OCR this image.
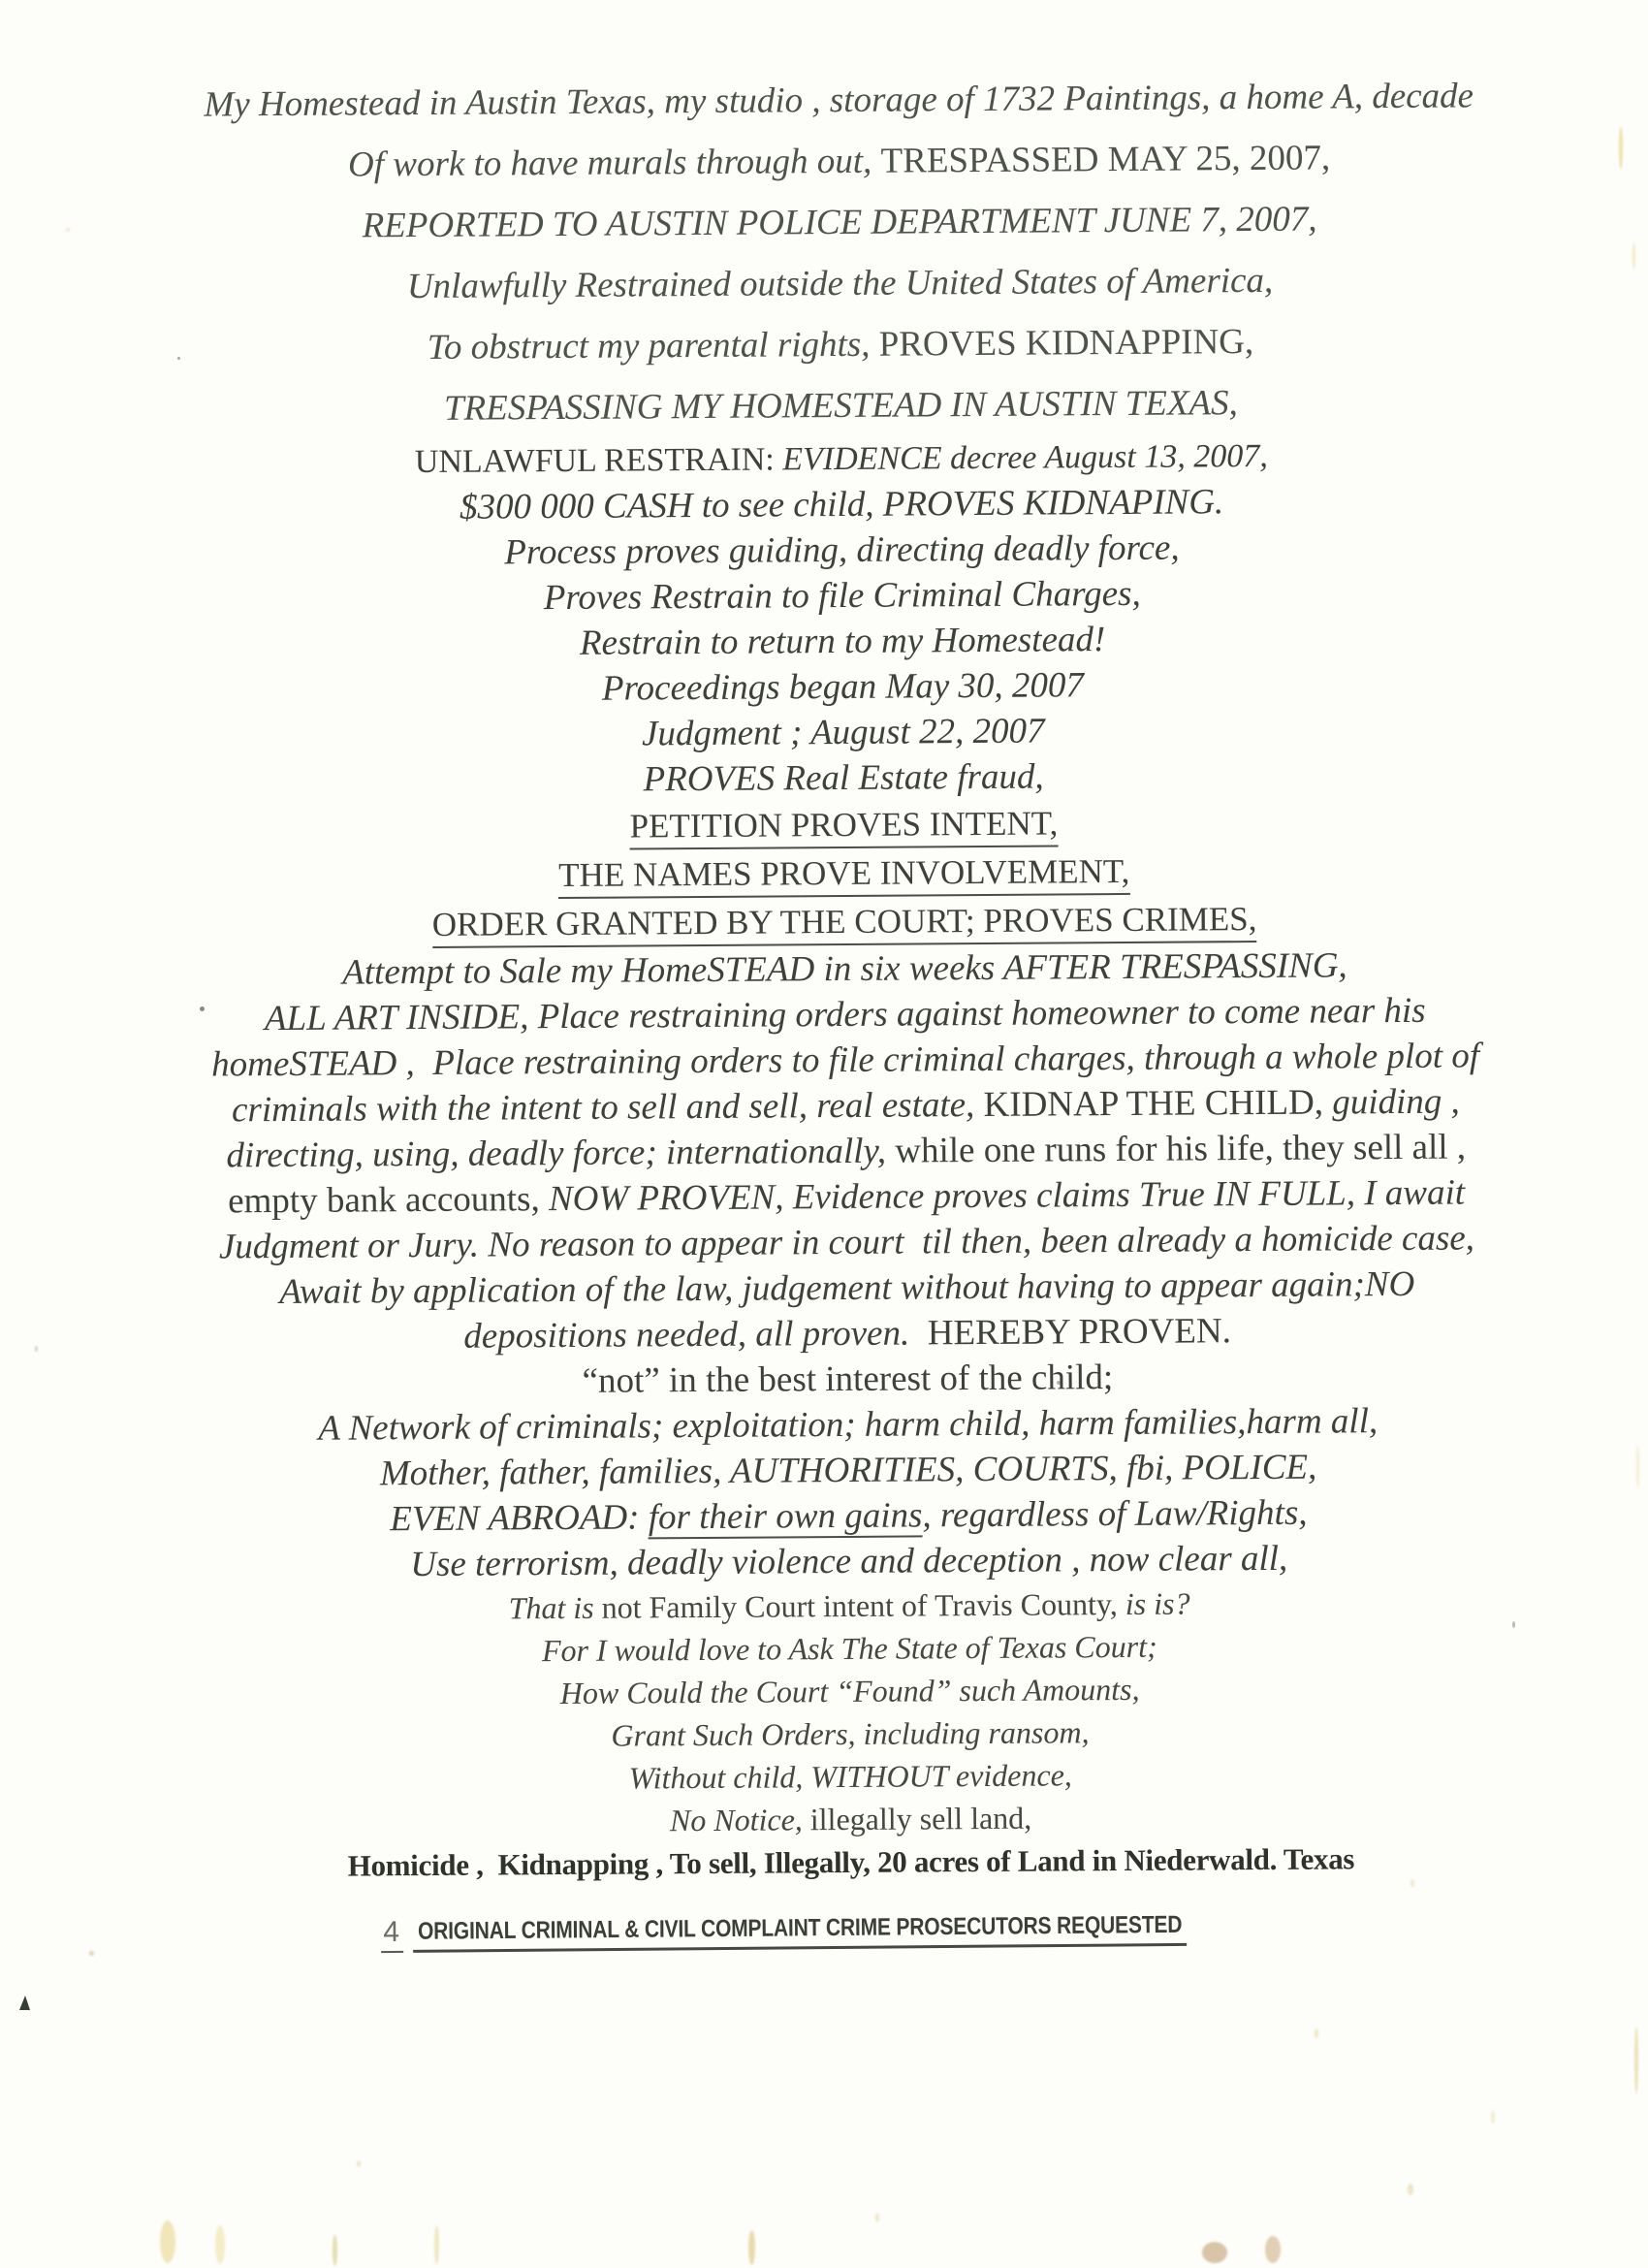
My Homestead in Austin Texas, my studio , storage of 1732 Paintings, a home A, decade
Of work to have murals through out, TRESPASSED MAY 25, 2007,
REPORTED TO AUSTIN POLICE DEPARTMENT JUNE 7, 2007,
Unlawfully Restrained outside the United States of America,
To obstruct my parental rights, PROVES KIDNAPPING,
TRESPASSING MY HOMESTEAD IN AUSTIN TEXAS,
UNLAWFUL RESTRAIN: EVIDENCE decree August 13, 2007,
$300 000 CASH to see child, PROVES KIDNAPING.
Process proves guiding, directing deadly force,
Proves Restrain to file Criminal Charges,
Restrain to return to my Homestead!
Proceedings began May 30, 2007
Judgment ; August 22, 2007
PROVES Real Estate fraud,
PETITION PROVES INTENT,
THE NAMES PROVE INVOLVEMENT,
ORDER GRANTED BY THE COURT; PROVES CRIMES,
Attempt to Sale my HomeSTEAD in six weeks AFTER TRESPASSING,
ALL ART INSIDE, Place restraining orders against homeowner to come near his
homeSTEAD ,  Place restraining orders to file criminal charges, through a whole plot of
criminals with the intent to sell and sell, real estate, KIDNAP THE CHILD, guiding ,
directing, using, deadly force; internationally, while one runs for his life, they sell all ,
empty bank accounts, NOW PROVEN, Evidence proves claims True IN FULL, I await
Judgment or Jury. No reason to appear in court  til then, been already a homicide case,
Await by application of the law, judgement without having to appear again;NO
depositions needed, all proven.  HEREBY PROVEN.
“not” in the best interest of the child;
A Network of criminals; exploitation; harm child, harm families,harm all,
Mother, father, families, AUTHORITIES, COURTS, fbi, POLICE,
EVEN ABROAD: for their own gains, regardless of Law/Rights,
Use terrorism, deadly violence and deception , now clear all,
That is not Family Court intent of Travis County, is is?
For I would love to Ask The State of Texas Court;
How Could the Court “Found” such Amounts,
Grant Such Orders, including ransom,
Without child, WITHOUT evidence,
No Notice, illegally sell land,
Homicide ,  Kidnapping , To sell, Illegally, 20 acres of Land in Niederwald. Texas
4 ORIGINAL CRIMINAL & CIVIL COMPLAINT CRIME PROSECUTORS REQUESTED
